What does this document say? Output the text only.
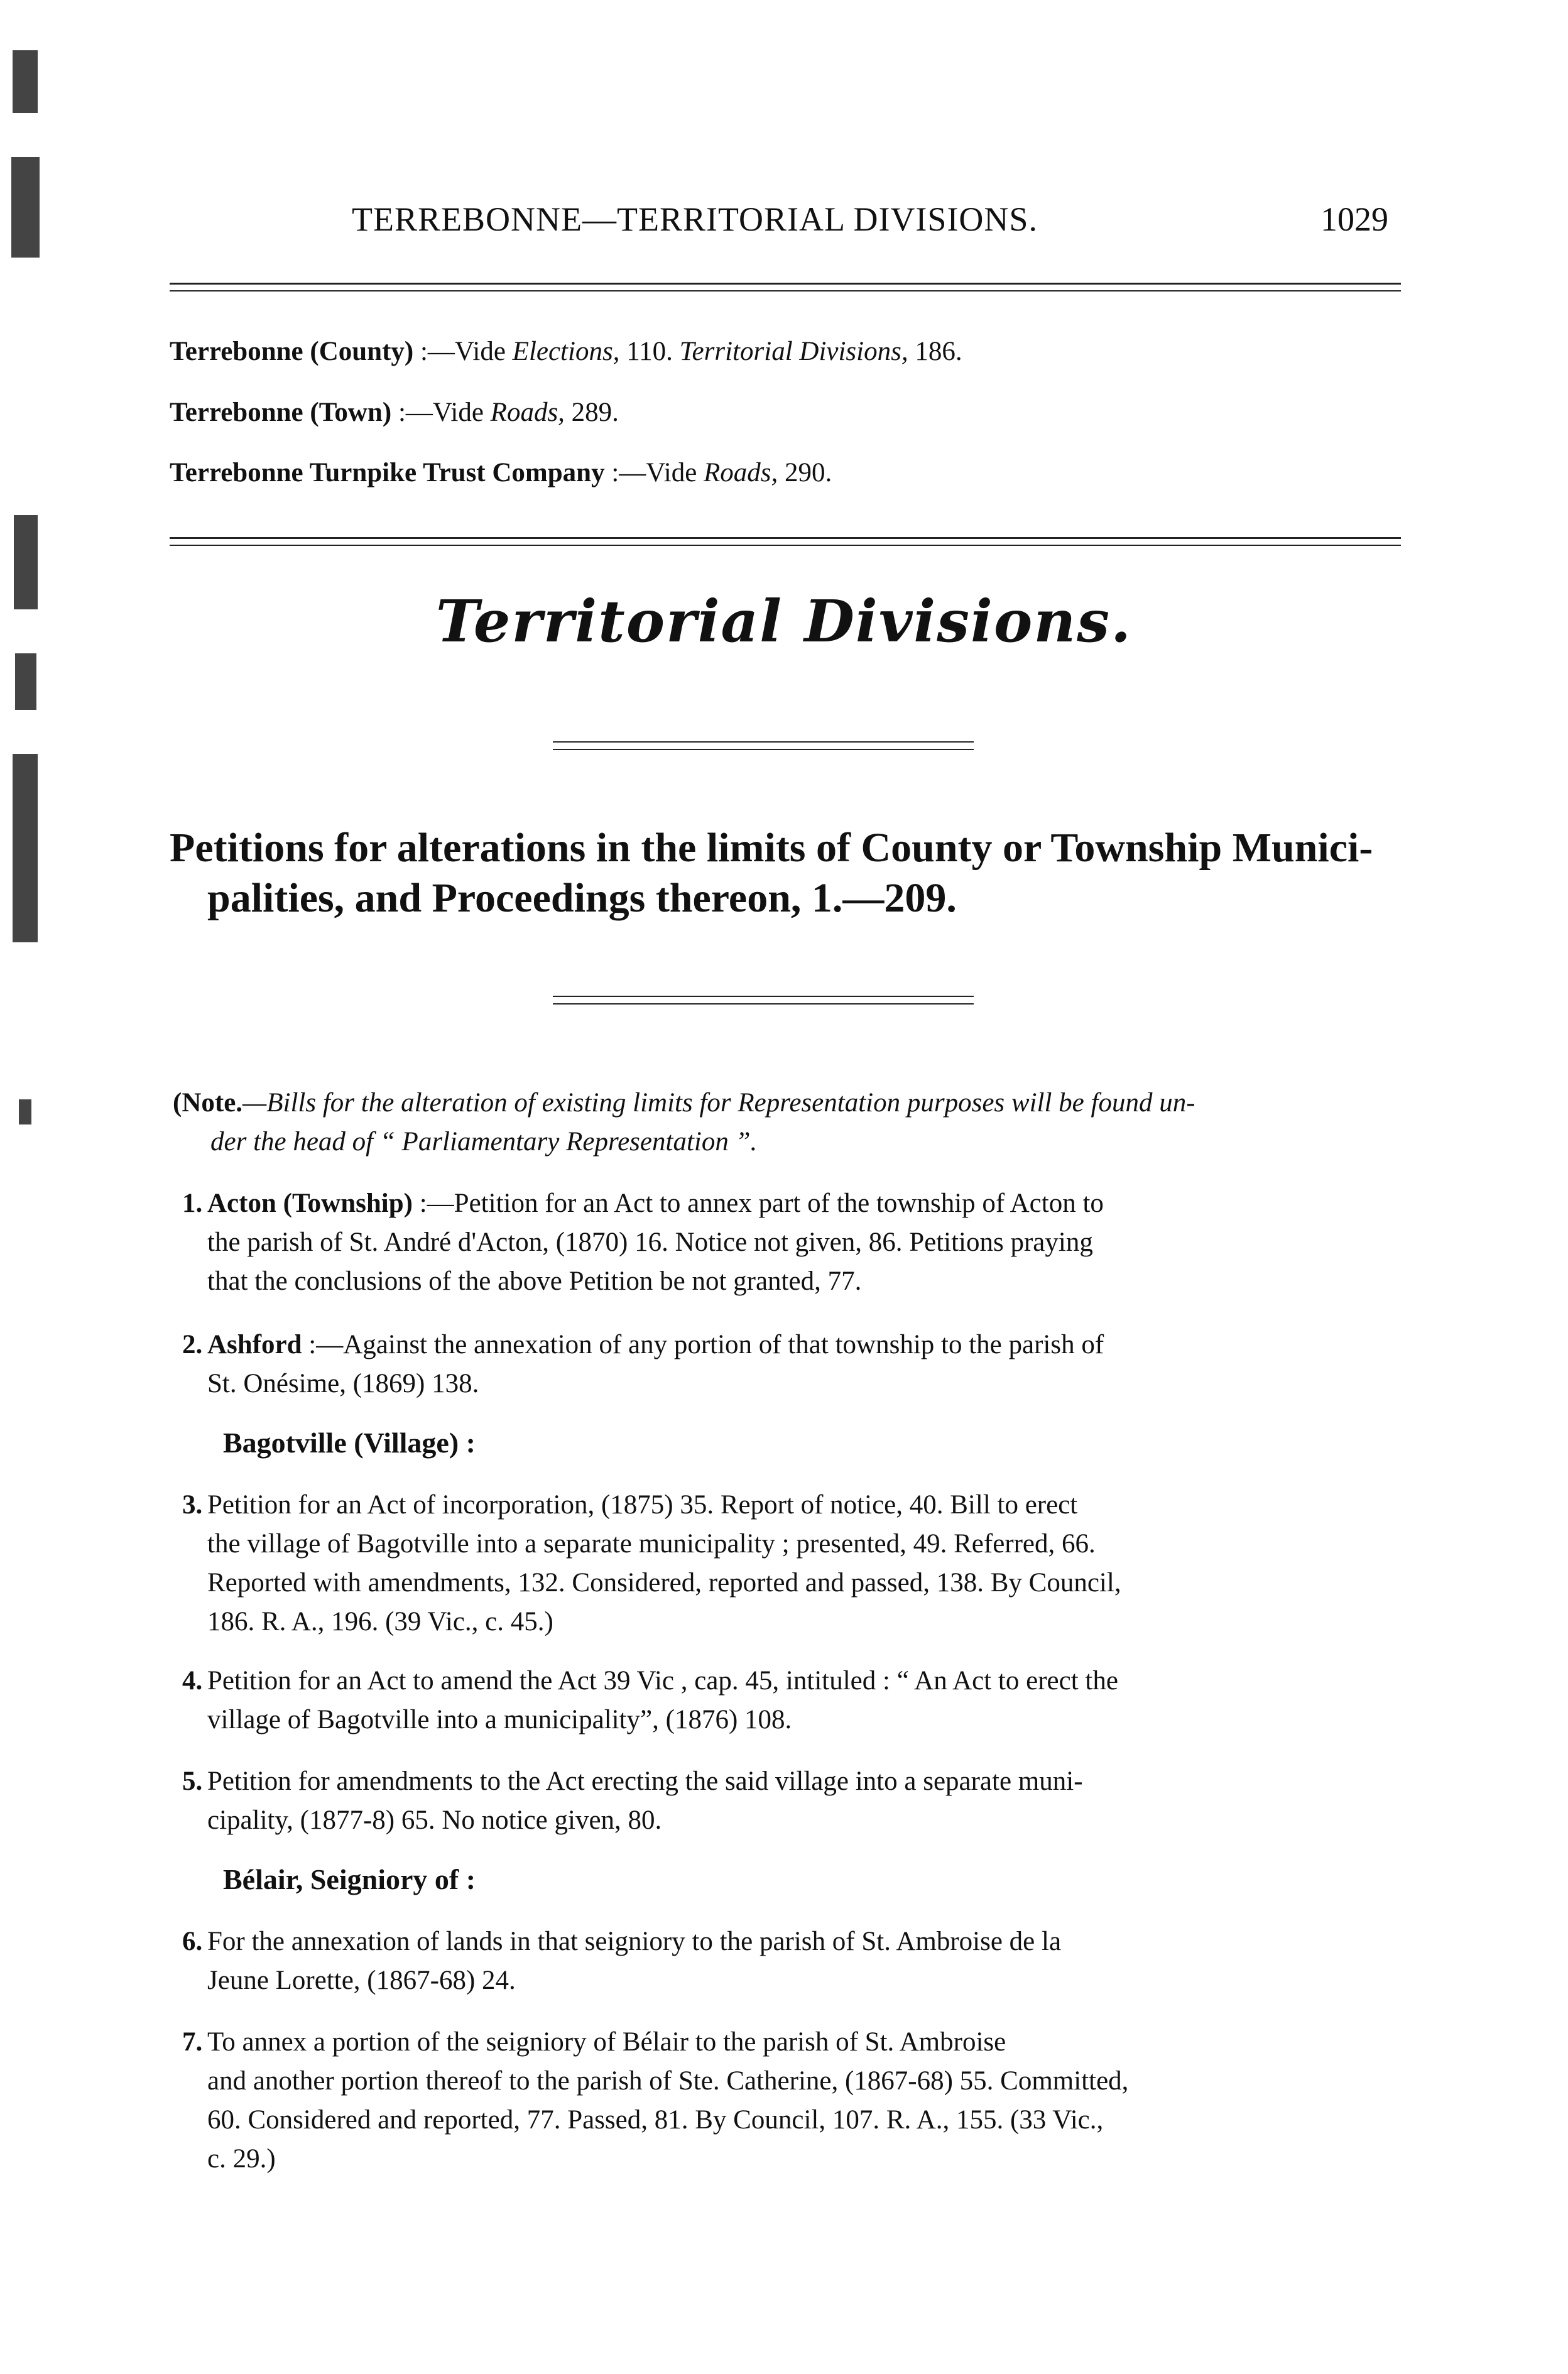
TERREBONNE—TERRITORIAL DIVISIONS.	1029
Terrebonne (County) :—Vide Elections, 110. Territorial Divisions, 186.
Terrebonne (Town) :—Vide Roads, 289.
Terrebonne Turnpike Trust Company :—Vide Roads, 290.
Territorial Divisions.
Petitions for alterations in the limits of County or Township Munici-
palities, and Proceedings thereon, 1.—209.
(Note.—Bills for the alteration of existing limits for Representation purposes will be found un-
der the head of “ Parliamentary Representation ”.
1. Acton (Township) :—Petition for an Act to annex part of the township of Acton to
the parish of St. André d'Acton, (1870) 16. Notice not given, 86. Petitions praying
that the conclusions of the above Petition be not granted, 77.
2. Ashford :—Against the annexation of any portion of that township to the parish of
St. Onésime, (1869) 138.
Bagotville (Village) :
3. Petition for an Act of incorporation, (1875) 35. Report of notice, 40. Bill to erect
the village of Bagotville into a separate municipality ; presented, 49. Referred, 66.
Reported with amendments, 132. Considered, reported and passed, 138. By Council,
186. R. A., 196. (39 Vic., c. 45.)
4. Petition for an Act to amend the Act 39 Vic , cap. 45, intituled : “ An Act to erect the
village of Bagotville into a municipality”, (1876) 108.
5. Petition for amendments to the Act erecting the said village into a separate muni-
cipality, (1877-8) 65. No notice given, 80.
Bélair, Seigniory of :
6. For the annexation of lands in that seigniory to the parish of St. Ambroise de la
Jeune Lorette, (1867-68) 24.
7. To annex a portion of the seigniory of Bélair to the parish of St. Ambroise
and another portion thereof to the parish of Ste. Catherine, (1867-68) 55. Committed,
60. Considered and reported, 77. Passed, 81. By Council, 107. R. A., 155. (33 Vic.,
c. 29.)
